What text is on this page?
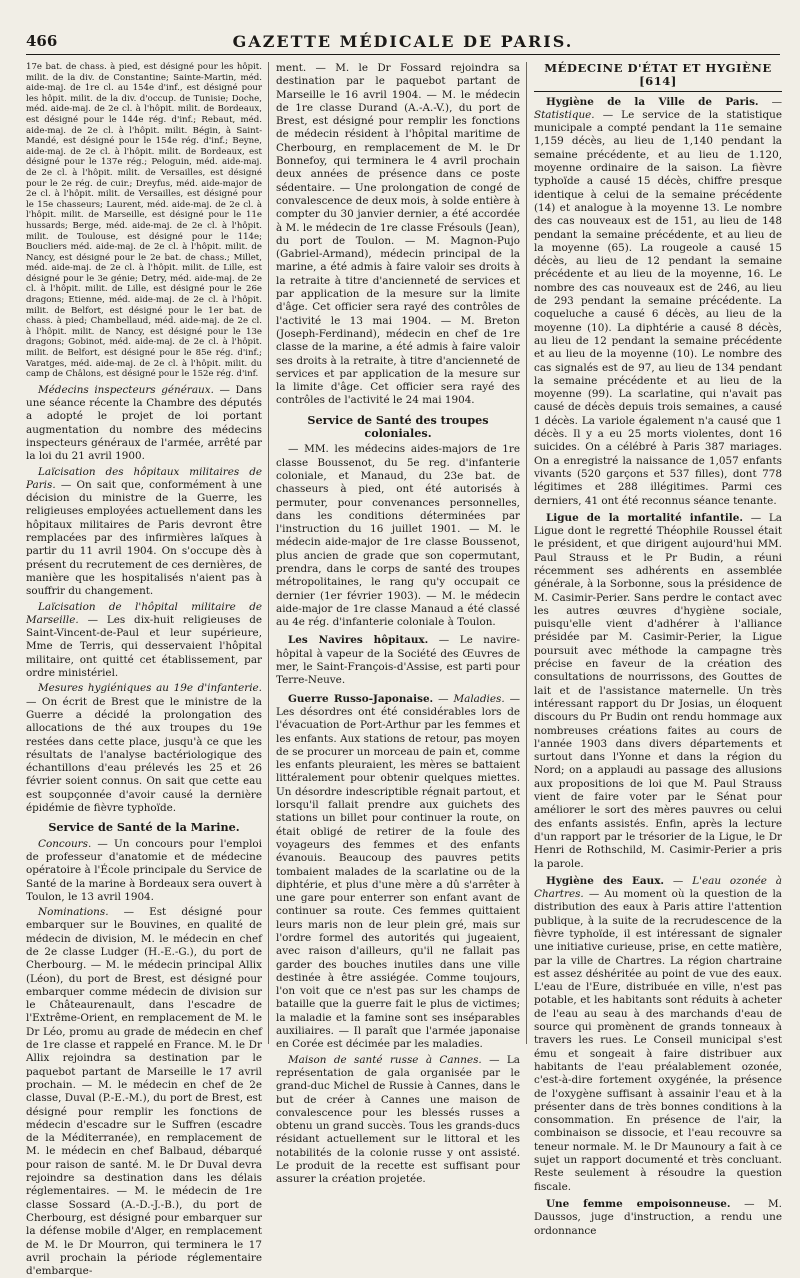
466	GAZETTE MÉDICALE DE PARIS.

17e bat. de chass. à pied, est désigné pour les hôpit. milit. de la div. de Constantine; Sainte-Martin, méd. aide-maj. de 1re cl. au 154e d'inf., est désigné pour les hôpit. milit. de la div. d'occup. de Tunisie; Doche, méd. aide-maj. de 2e cl. à l'hôpit. milit. de Bordeaux, est désigné pour le 144e rég. d'inf.; Rebaut, méd. aide-maj. de 2e cl. à l'hôpit. milit. Bégin, à Saint-Mandé, est désigné pour le 154e rég. d'inf.; Beyne, aide-maj. de 2e cl. à l'hôpit. milit. de Bordeaux, est désigné pour le 137e rég.; Peloguin, méd. aide-maj. de 2e cl. à l'hôpit. milit. de Versailles, est désigné pour le 2e rég. de cuir.; Dreyfus, méd. aide-major de 2e cl. à l'hôpit. milit. de Versailles, est désigné pour le 15e chasseurs; Laurent, méd. aide-maj. de 2e cl. à l'hôpit. milit. de Marseille, est désigné pour le 11e hussards; Berge, méd. aide-maj. de 2e cl. à l'hôpit. milit. de Toulouse, est désigné pour le 114e; Boucliers méd. aide-maj. de 2e cl. à l'hôpit. milit. de Nancy, est désigné pour le 2e bat. de chass.; Millet, méd. aide-maj. de 2e cl. à l'hôpit. milit. de Lille, est désigné pour le 3e génie; Detry, méd. aide-maj. de 2e cl. à l'hôpit. milit. de Lille, est désigné pour le 26e dragons; Etienne, méd. aide-maj. de 2e cl. à l'hôpit. milit. de Belfort, est désigné pour le 1er bat. de chass. à pied; Chambellaud, méd. aide-maj. de 2e cl. à l'hôpit. milit. de Nancy, est désigné pour le 13e dragons; Gobinot, méd. aide-maj. de 2e cl. à l'hôpit. milit. de Belfort, est désigné pour le 85e rég. d'inf.; Varatges, méd. aide-maj. de 2e cl. à l'hôpit. milit. du camp de Châlons, est désigné pour le 152e rég. d'inf.

Médecins inspecteurs généraux. — Dans une séance récente la Chambre des députés a adopté le projet de loi portant augmentation du nombre des médecins inspecteurs généraux de l'armée, arrêté par la loi du 21 avril 1900.

Laïcisation des hôpitaux militaires de Paris. — On sait que, conformément à une décision du ministre de la Guerre, les religieuses employées actuellement dans les hôpitaux militaires de Paris devront être remplacées par des infirmières laïques à partir du 11 avril 1904. On s'occupe dès à présent du recrutement de ces dernières, de manière que les hospitalisés n'aient pas à souffrir du changement.

Laïcisation de l'hôpital militaire de Marseille. — Les dix-huit religieuses de Saint-Vincent-de-Paul et leur supérieure, Mme de Terris, qui desservaient l'hôpital militaire, ont quitté cet établissement, par ordre ministériel.

Mesures hygiéniques au 19e d'infanterie. — On écrit de Brest que le ministre de la Guerre a décidé la prolongation des allocations de thé aux troupes du 19e restées dans cette place, jusqu'à ce que les résultats de l'analyse bactériologique des échantillons d'eau prélevés les 25 et 26 février soient connus. On sait que cette eau est soupçonnée d'avoir causé la dernière épidémie de fièvre typhoïde.

Service de Santé de la Marine.

Concours. — Un concours pour l'emploi de professeur d'anatomie et de médecine opératoire à l'École principale du Service de Santé de la marine à Bordeaux sera ouvert à Toulon, le 13 avril 1904.

Nominations. — Est désigné pour embarquer sur le Bouvines, en qualité de médecin de division, M. le médecin en chef de 2e classe Ludger (H.-E.-G.), du port de Cherbourg. — M. le médecin principal Allix (Léon), du port de Brest, est désigné pour embarquer comme médecin de division sur le Châteaurenault, dans l'escadre de l'Extrême-Orient, en remplacement de M. le Dr Léo, promu au grade de médecin en chef de 1re classe et rappelé en France. M. le Dr Allix rejoindra sa destination par le paquebot partant de Marseille le 17 avril prochain. — M. le médecin en chef de 2e classe, Duval (P.-E.-M.), du port de Brest, est désigné pour remplir les fonctions de médecin d'escadre sur le Suffren (escadre de la Méditerranée), en remplacement de M. le médecin en chef Balbaud, débarqué pour raison de santé. M. le Dr Duval devra rejoindre sa destination dans les délais réglementaires. — M. le médecin de 1re classe Sossard (A.-D.-J.-B.), du port de Cherbourg, est désigné pour embarquer sur la défense mobile d'Alger, en remplacement de M. le Dr Mourron, qui terminera le 17 avril prochain la période réglementaire d'embarque-

ment. — M. le Dr Fossard rejoindra sa destination par le paquebot partant de Marseille le 16 avril 1904. — M. le médecin de 1re classe Durand (A.-A.-V.), du port de Brest, est désigné pour remplir les fonctions de médecin résident à l'hôpital maritime de Cherbourg, en remplacement de M. le Dr Bonnefoy, qui terminera le 4 avril prochain deux années de présence dans ce poste sédentaire. — Une prolongation de congé de convalescence de deux mois, à solde entière à compter du 30 janvier dernier, a été accordée à M. le médecin de 1re classe Frésouls (Jean), du port de Toulon. — M. Magnon-Pujo (Gabriel-Armand), médecin principal de la marine, a été admis à faire valoir ses droits à la retraite à titre d'ancienneté de services et par application de la mesure sur la limite d'âge. Cet officier sera rayé des contrôles de l'activité le 13 mai 1904. — M. Breton (Joseph-Ferdinand), médecin en chef de 1re classe de la marine, a été admis à faire valoir ses droits à la retraite, à titre d'ancienneté de services et par application de la mesure sur la limite d'âge. Cet officier sera rayé des contrôles de l'activité le 24 mai 1904.

Service de Santé des troupes coloniales.

— MM. les médecins aides-majors de 1re classe Boussenot, du 5e reg. d'infanterie coloniale, et Manaud, du 23e bat. de chasseurs à pied, ont été autorisés à permuter, pour convenances personnelles, dans les conditions déterminées par l'instruction du 16 juillet 1901. — M. le médecin aide-major de 1re classe Boussenot, plus ancien de grade que son copermutant, prendra, dans le corps de santé des troupes métropolitaines, le rang qu'y occupait ce dernier (1er février 1903). — M. le médecin aide-major de 1re classe Manaud a été classé au 4e rég. d'infanterie coloniale à Toulon.

Les Navires hôpitaux. — Le navire-hôpital à vapeur de la Société des Œuvres de mer, le Saint-François-d'Assise, est parti pour Terre-Neuve.

Guerre Russo-Japonaise. — Maladies. — Les désordres ont été considérables lors de l'évacuation de Port-Arthur par les femmes et les enfants. Aux stations de retour, pas moyen de se procurer un morceau de pain et, comme les enfants pleuraient, les mères se battaient littéralement pour obtenir quelques miettes. Un désordre indescriptible régnait partout, et lorsqu'il fallait prendre aux guichets des stations un billet pour continuer la route, on était obligé de retirer de la foule des voyageurs des femmes et des enfants évanouis. Beaucoup des pauvres petits tombaient malades de la scarlatine ou de la diphtérie, et plus d'une mère a dû s'arrêter à une gare pour enterrer son enfant avant de continuer sa route. Ces femmes quittaient leurs maris non de leur plein gré, mais sur l'ordre formel des autorités qui jugeaient, avec raison d'ailleurs, qu'il ne fallait pas garder des bouches inutiles dans une ville destinée à être assiégée. Comme toujours, l'on voit que ce n'est pas sur les champs de bataille que la guerre fait le plus de victimes; la maladie et la famine sont ses inséparables auxiliaires. — Il paraît que l'armée japonaise en Corée est décimée par les maladies.

Maison de santé russe à Cannes. — La représentation de gala organisée par le grand-duc Michel de Russie à Cannes, dans le but de créer à Cannes une maison de convalescence pour les blessés russes a obtenu un grand succès. Tous les grands-ducs résidant actuellement sur le littoral et les notabilités de la colonie russe y ont assisté. Le produit de la recette est suffisant pour assurer la création projetée.

MÉDECINE D'ÉTAT ET HYGIÈNE [614]

Hygiène de la Ville de Paris. — Statistique. — Le service de la statistique municipale a compté pendant la 11e semaine 1,159 décès, au lieu de 1,140 pendant la semaine précédente, et au lieu de 1.120, moyenne ordinaire de la saison. La fièvre typhoïde a causé 15 décès, chiffre presque identique à celui de la semaine précédente (14) et analogue à la moyenne 13. Le nombre des cas nouveaux est de 151, au lieu de 148 pendant la semaine précédente, et au lieu de la moyenne (65). La rougeole a causé 15 décès, au lieu de 12 pendant la semaine précédente et au lieu de la moyenne, 16. Le nombre des cas nouveaux est de 246, au lieu de 293 pendant la semaine précédente. La coqueluche a causé 6 décès, au lieu de la moyenne (10). La diphtérie a causé 8 décès, au lieu de 12 pendant la semaine précédente et au lieu de la moyenne (10). Le nombre des cas signalés est de 97, au lieu de 134 pendant la semaine précédente et au lieu de la moyenne (99). La scarlatine, qui n'avait pas causé de décès depuis trois semaines, a causé 1 décès. La variole également n'a causé que 1 décès. Il y a eu 25 morts violentes, dont 16 suicides. On a célébré à Paris 387 mariages. On a enregistré la naissance de 1,057 enfants vivants (520 garçons et 537 filles), dont 778 légitimes et 288 illégitimes. Parmi ces derniers, 41 ont été reconnus séance tenante.

Ligue de la mortalité infantile. — La Ligue dont le regretté Théophile Roussel était le président, et que dirigent aujourd'hui MM. Paul Strauss et le Pr Budin, a réuni récemment ses adhérents en assemblée générale, à la Sorbonne, sous la présidence de M. Casimir-Perier. Sans perdre le contact avec les autres œuvres d'hygiène sociale, puisqu'elle vient d'adhérer à l'alliance présidée par M. Casimir-Perier, la Ligue poursuit avec méthode la campagne très précise en faveur de la création des consultations de nourrissons, des Gouttes de lait et de l'assistance maternelle. Un très intéressant rapport du Dr Josias, un éloquent discours du Pr Budin ont rendu hommage aux nombreuses créations faites au cours de l'année 1903 dans divers départements et surtout dans l'Yonne et dans la région du Nord; on a applaudi au passage des allusions aux propositions de loi que M. Paul Strauss vient de faire voter par le Sénat pour améliorer le sort des mères pauvres ou celui des enfants assistés. Enfin, après la lecture d'un rapport par le trésorier de la Ligue, le Dr Henri de Rothschild, M. Casimir-Perier a pris la parole.

Hygiène des Eaux. — L'eau ozonée à Chartres. — Au moment où la question de la distribution des eaux à Paris attire l'attention publique, à la suite de la recrudescence de la fièvre typhoïde, il est intéressant de signaler une initiative curieuse, prise, en cette matière, par la ville de Chartres. La région chartraine est assez déshéritée au point de vue des eaux. L'eau de l'Eure, distribuée en ville, n'est pas potable, et les habitants sont réduits à acheter de l'eau au seau à des marchands d'eau de source qui promènent de grands tonneaux à travers les rues. Le Conseil municipal s'est ému et songeait à faire distribuer aux habitants de l'eau préalablement ozonée, c'est-à-dire fortement oxygénée, la présence de l'oxygène suffisant à assainir l'eau et à la présenter dans de très bonnes conditions à la consommation. En présence de l'air, la combinaison se dissocie, et l'eau recouvre sa teneur normale. M. le Dr Maunoury a fait à ce sujet un rapport documenté et très concluant. Reste seulement à résoudre la question fiscale.

Une femme empoisonneuse. — M. Daussos, juge d'instruction, a rendu une ordonnance
